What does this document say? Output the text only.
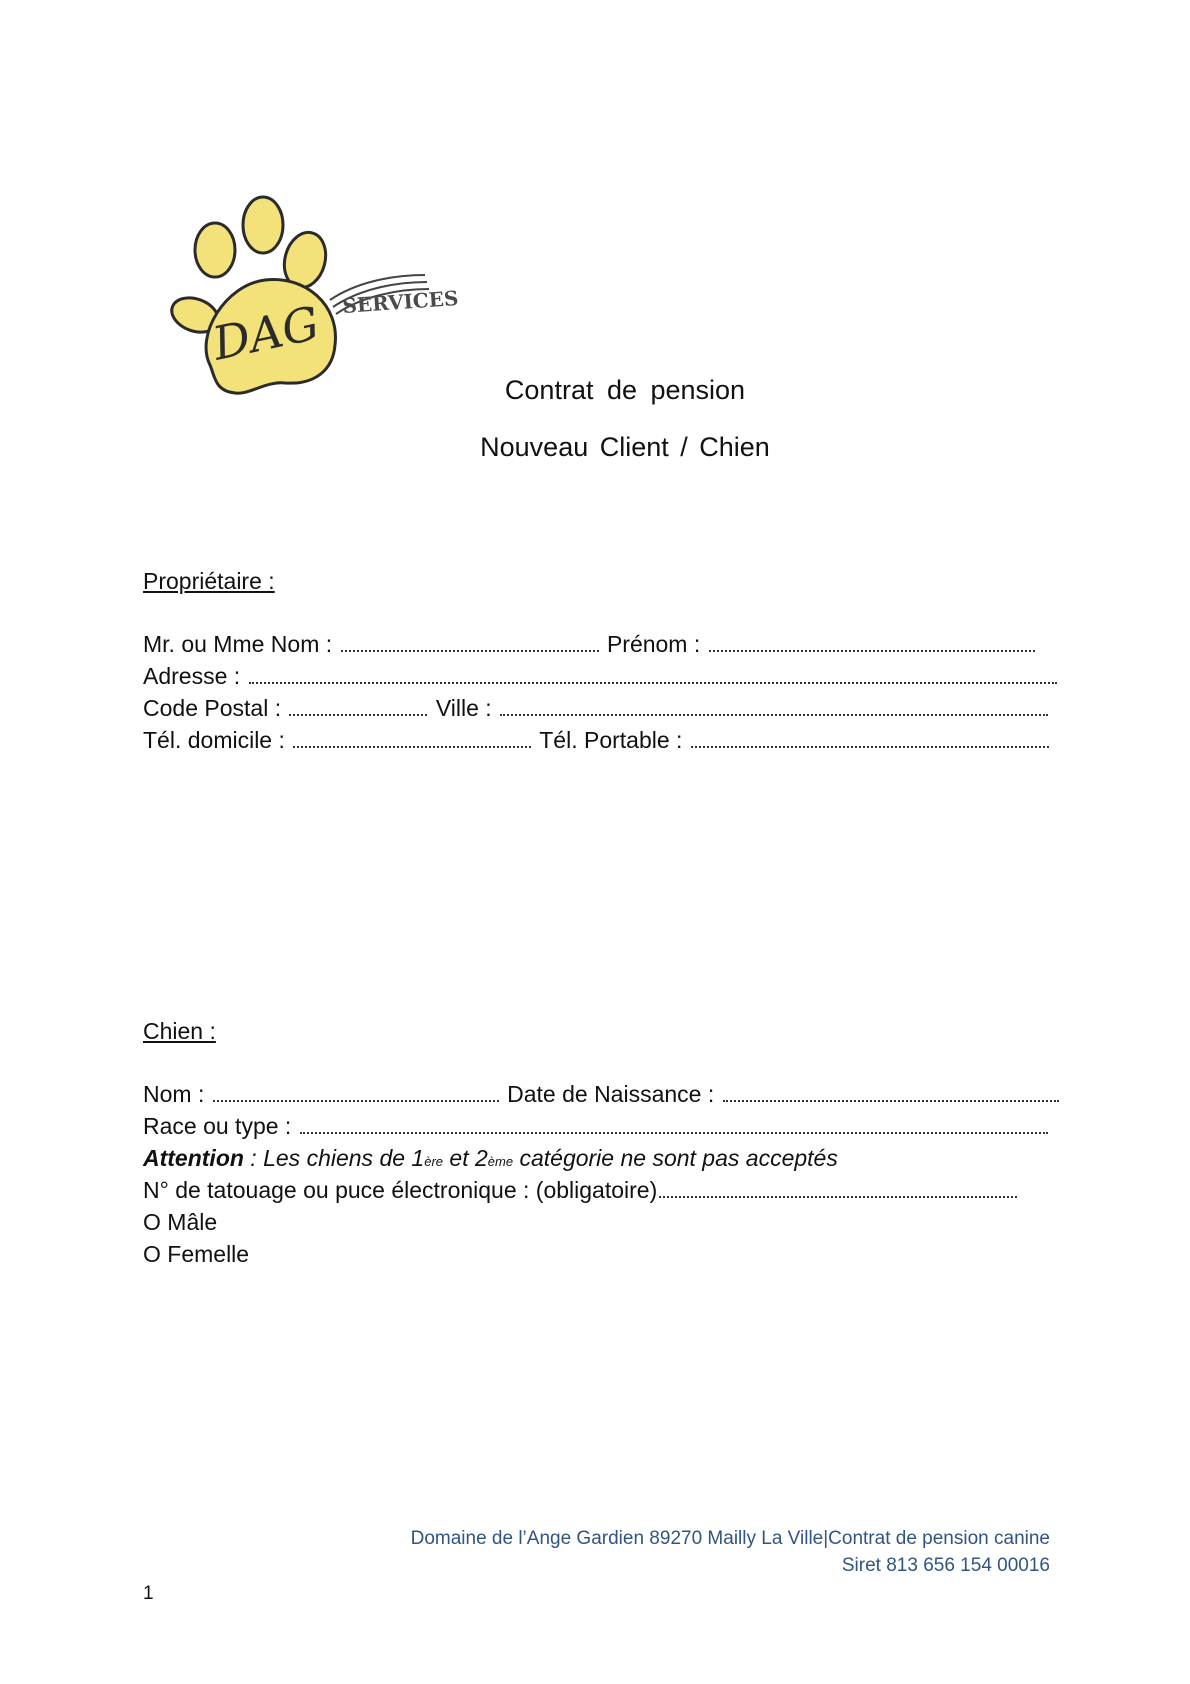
DAG SERVICES
Contrat de pension
Nouveau Client / Chien
Propriétaire :
Mr. ou Mme Nom :	Prénom :
Adresse :
Code Postal :	Ville :
Tél. domicile :	Tél. Portable :
Chien :
Nom :	Date de Naissance :
Race ou type :
Attention : Les chiens de 1ère et 2ème catégorie ne sont pas acceptés
N° de tatouage ou puce électronique : (obligatoire)
O Mâle
O Femelle
Domaine de l’Ange Gardien 89270 Mailly La Ville|Contrat de pension canine
Siret 813 656 154 00016
1
